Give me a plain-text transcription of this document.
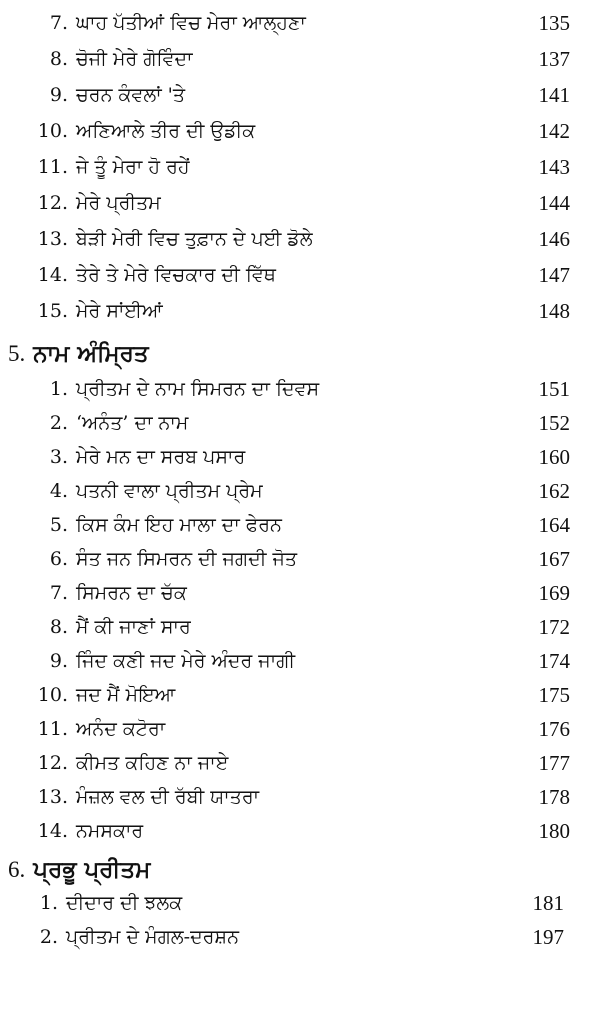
7. ਘਾਹ ਪੱਤੀਆਂ ਵਿਚ ਮੇਰਾ ਆਲ੍ਹਣਾ	135
8. ਚੋਜੀ ਮੇਰੇ ਗੋਵਿੰਦਾ	137
9. ਚਰਨ ਕੰਵਲਾਂ 'ਤੇ	141
10. ਅਣਿਆਲੇ ਤੀਰ ਦੀ ਉਡੀਕ	142
11. ਜੇ ਤੂੰ ਮੇਰਾ ਹੋ ਰਹੇਂ	143
12. ਮੇਰੇ ਪ੍ਰੀਤਮ	144
13. ਬੇੜੀ ਮੇਰੀ ਵਿਚ ਤੁਫ਼ਾਨ ਦੇ ਪਈ ਡੋਲੇ	146
14. ਤੇਰੇ ਤੇ ਮੇਰੇ ਵਿਚਕਾਰ ਦੀ ਵਿੱਥ	147
15. ਮੇਰੇ ਸਾਂਈਆਂ	148
5. ਨਾਮ ਅੰਮ੍ਰਿਤ
1. ਪ੍ਰੀਤਮ ਦੇ ਨਾਮ ਸਿਮਰਨ ਦਾ ਦਿਵਸ	151
2. ‘ਅਨੰਤ’ ਦਾ ਨਾਮ	152
3. ਮੇਰੇ ਮਨ ਦਾ ਸਰਬ ਪਸਾਰ	160
4. ਪਤਨੀ ਵਾਲਾ ਪ੍ਰੀਤਮ ਪ੍ਰੇਮ	162
5. ਕਿਸ ਕੰਮ ਇਹ ਮਾਲਾ ਦਾ ਫੇਰਨ	164
6. ਸੰਤ ਜਨ ਸਿਮਰਨ ਦੀ ਜਗਦੀ ਜੋਤ	167
7. ਸਿਮਰਨ ਦਾ ਚੱਕ	169
8. ਮੈਂ ਕੀ ਜਾਣਾਂ ਸਾਰ	172
9. ਜਿੰਦ ਕਣੀ ਜਦ ਮੇਰੇ ਅੰਦਰ ਜਾਗੀ	174
10. ਜਦ ਮੈਂ ਮੋਇਆ	175
11. ਅਨੰਦ ਕਟੋਰਾ	176
12. ਕੀਮਤ ਕਹਿਣ ਨਾ ਜਾਏ	177
13. ਮੰਜ਼ਲ ਵਲ ਦੀ ਰੱਬੀ ਯਾਤਰਾ	178
14. ਨਮਸਕਾਰ	180
6. ਪ੍ਰਭੂ ਪ੍ਰੀਤਮ
1. ਦੀਦਾਰ ਦੀ ਝਲਕ	181
2. ਪ੍ਰੀਤਮ ਦੇ ਮੰਗਲ-ਦਰਸ਼ਨ	197
